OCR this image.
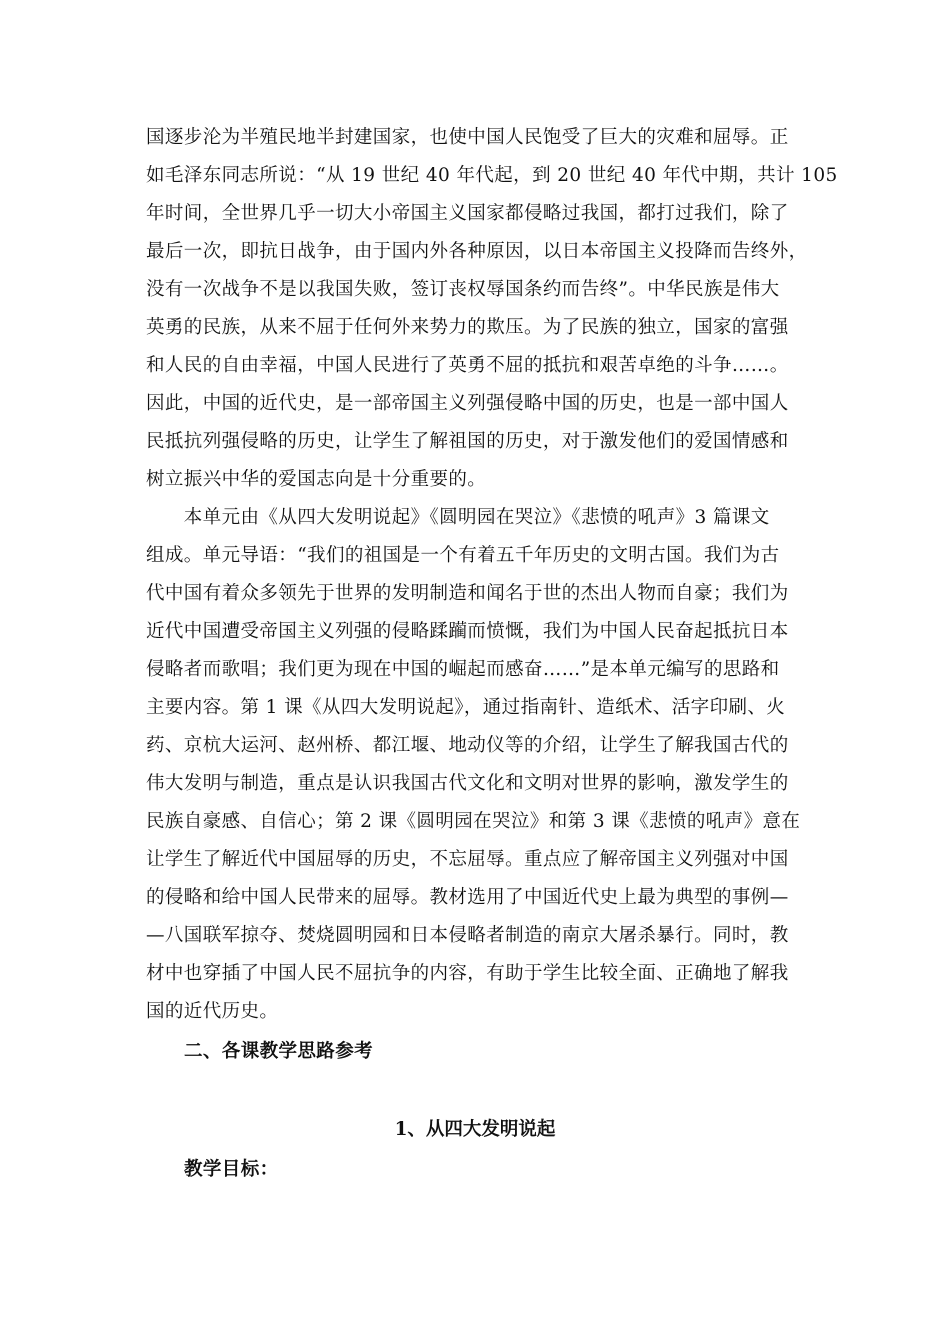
国逐步沦为半殖民地半封建国家，也使中国人民饱受了巨大的灾难和屈辱。正
如毛泽东同志所说：“从 19 世纪 40 年代起，到 20 世纪 40 年代中期，共计 105
年时间，全世界几乎一切大小帝国主义国家都侵略过我国，都打过我们，除了
最后一次，即抗日战争，由于国内外各种原因，以日本帝国主义投降而告终外，
没有一次战争不是以我国失败，签订丧权辱国条约而告终”。中华民族是伟大
英勇的民族，从来不屈于任何外来势力的欺压。为了民族的独立，国家的富强
和人民的自由幸福，中国人民进行了英勇不屈的抵抗和艰苦卓绝的斗争……。
因此，中国的近代史，是一部帝国主义列强侵略中国的历史，也是一部中国人
民抵抗列强侵略的历史，让学生了解祖国的历史，对于激发他们的爱国情感和
树立振兴中华的爱国志向是十分重要的。
　　本单元由《从四大发明说起》《圆明园在哭泣》《悲愤的吼声》3 篇课文
组成。单元导语：“我们的祖国是一个有着五千年历史的文明古国。我们为古
代中国有着众多领先于世界的发明制造和闻名于世的杰出人物而自豪；我们为
近代中国遭受帝国主义列强的侵略蹂躏而愤慨，我们为中国人民奋起抵抗日本
侵略者而歌唱；我们更为现在中国的崛起而感奋……”是本单元编写的思路和
主要内容。第 1 课《从四大发明说起》，通过指南针、造纸术、活字印刷、火
药、京杭大运河、赵州桥、都江堰、地动仪等的介绍，让学生了解我国古代的
伟大发明与制造，重点是认识我国古代文化和文明对世界的影响，激发学生的
民族自豪感、自信心；第 2 课《圆明园在哭泣》和第 3 课《悲愤的吼声》意在
让学生了解近代中国屈辱的历史，不忘屈辱。重点应了解帝国主义列强对中国
的侵略和给中国人民带来的屈辱。教材选用了中国近代史上最为典型的事例—
—八国联军掠夺、焚烧圆明园和日本侵略者制造的南京大屠杀暴行。同时，教
材中也穿插了中国人民不屈抗争的内容，有助于学生比较全面、正确地了解我
国的近代历史。
二、各课教学思路参考
1、从四大发明说起
教学目标：
